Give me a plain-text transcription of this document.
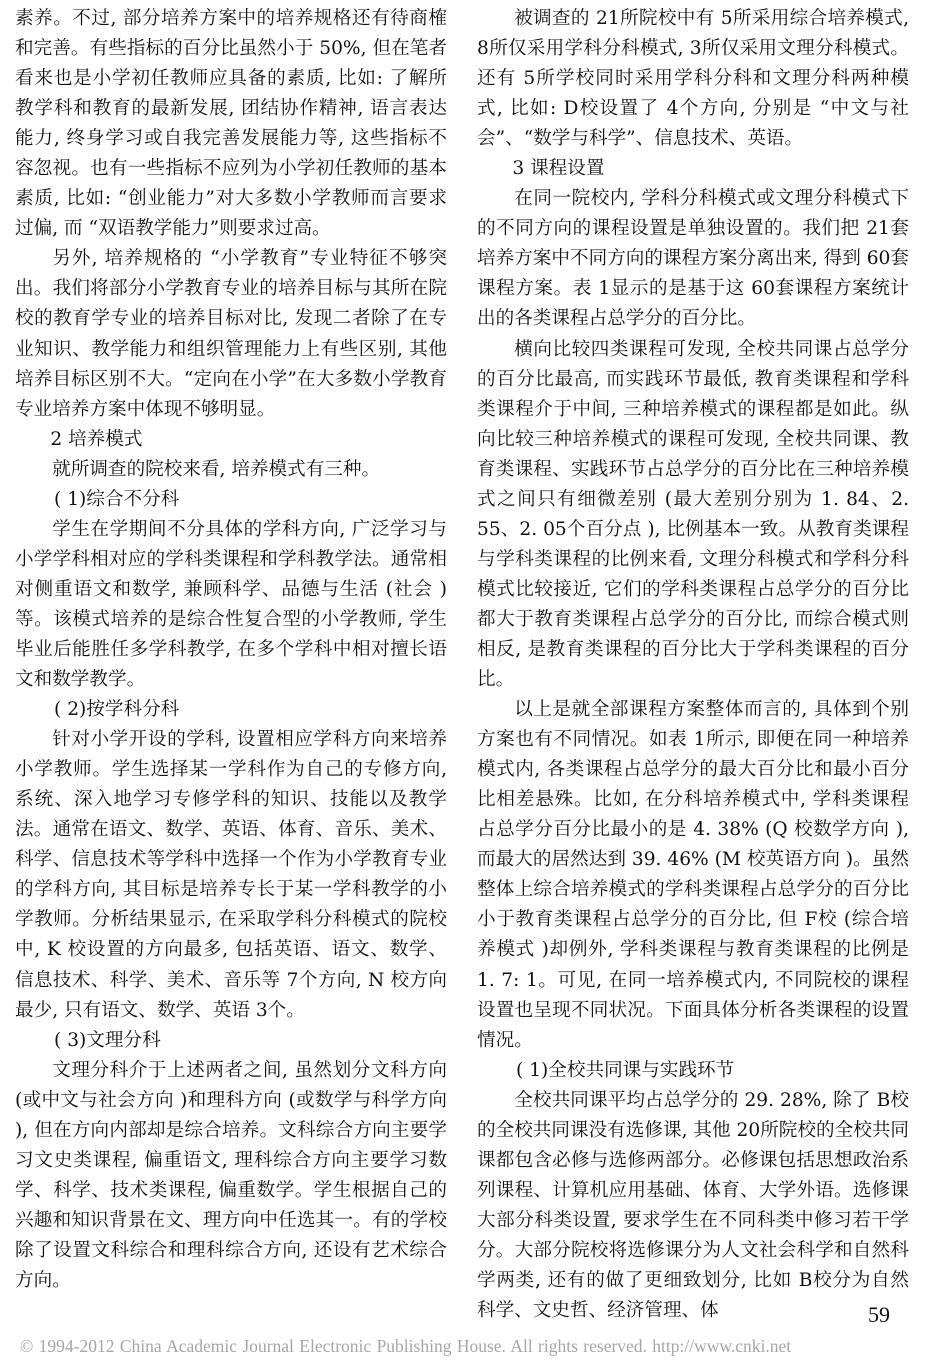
素养。不过, 部分培养方案中的培养规格还有待商榷和完善。有些指标的百分比虽然小于 50%, 但在笔者看来也是小学初任教师应具备的素质, 比如: 了解所教学科和教育的最新发展, 团结协作精神, 语言表达能力, 终身学习或自我完善发展能力等, 这些指标不容忽视。也有一些指标不应列为小学初任教师的基本素质, 比如: “创业能力”对大多数小学教师而言要求过偏, 而 “双语教学能力”则要求过高。

另外, 培养规格的 “小学教育”专业特征不够突出。我们将部分小学教育专业的培养目标与其所在院校的教育学专业的培养目标对比, 发现二者除了在专业知识、教学能力和组织管理能力上有些区别, 其他培养目标区别不大。“定向在小学”在大多数小学教育专业培养方案中体现不够明显。

2 培养模式

就所调查的院校来看, 培养模式有三种。

( 1)综合不分科

学生在学期间不分具体的学科方向, 广泛学习与小学学科相对应的学科类课程和学科教学法。通常相对侧重语文和数学, 兼顾科学、品德与生活 (社会 )等。该模式培养的是综合性复合型的小学教师, 学生毕业后能胜任多学科教学, 在多个学科中相对擅长语文和数学教学。

( 2)按学科分科

针对小学开设的学科, 设置相应学科方向来培养小学教师。学生选择某一学科作为自己的专修方向, 系统、深入地学习专修学科的知识、技能以及教学法。通常在语文、数学、英语、体育、音乐、美术、科学、信息技术等学科中选择一个作为小学教育专业的学科方向, 其目标是培养专长于某一学科教学的小学教师。分析结果显示, 在采取学科分科模式的院校中, K 校设置的方向最多, 包括英语、语文、数学、信息技术、科学、美术、音乐等 7个方向, N 校方向最少, 只有语文、数学、英语 3个。

( 3)文理分科

文理分科介于上述两者之间, 虽然划分文科方向 (或中文与社会方向 )和理科方向 (或数学与科学方向 ), 但在方向内部却是综合培养。文科综合方向主要学习文史类课程, 偏重语文, 理科综合方向主要学习数学、科学、技术类课程, 偏重数学。学生根据自己的兴趣和知识背景在文、理方向中任选其一。有的学校除了设置文科综合和理科综合方向, 还设有艺术综合方向。

被调查的 21所院校中有 5所采用综合培养模式, 8所仅采用学科分科模式, 3所仅采用文理分科模式。还有 5所学校同时采用学科分科和文理分科两种模式, 比如: D校设置了 4个方向, 分别是 “中文与社会”、“数学与科学”、信息技术、英语。

3 课程设置

在同一院校内, 学科分科模式或文理分科模式下的不同方向的课程设置是单独设置的。我们把 21套培养方案中不同方向的课程方案分离出来, 得到 60套课程方案。表 1显示的是基于这 60套课程方案统计出的各类课程占总学分的百分比。

横向比较四类课程可发现, 全校共同课占总学分的百分比最高, 而实践环节最低, 教育类课程和学科类课程介于中间, 三种培养模式的课程都是如此。纵向比较三种培养模式的课程可发现, 全校共同课、教育类课程、实践环节占总学分的百分比在三种培养模式之间只有细微差别 (最大差别分别为 1. 84、2. 55、2. 05个百分点 ), 比例基本一致。从教育类课程与学科类课程的比例来看, 文理分科模式和学科分科模式比较接近, 它们的学科类课程占总学分的百分比都大于教育类课程占总学分的百分比, 而综合模式则相反, 是教育类课程的百分比大于学科类课程的百分比。

以上是就全部课程方案整体而言的, 具体到个别方案也有不同情况。如表 1所示, 即便在同一种培养模式内, 各类课程占总学分的最大百分比和最小百分比相差悬殊。比如, 在分科培养模式中, 学科类课程占总学分百分比最小的是 4. 38% (Q 校数学方向 ), 而最大的居然达到 39. 46% (M 校英语方向 )。虽然整体上综合培养模式的学科类课程占总学分的百分比小于教育类课程占总学分的百分比, 但 F校 (综合培养模式 )却例外, 学科类课程与教育类课程的比例是 1. 7: 1。可见, 在同一培养模式内, 不同院校的课程设置也呈现不同状况。下面具体分析各类课程的设置情况。

( 1)全校共同课与实践环节

全校共同课平均占总学分的 29. 28%, 除了 B校的全校共同课没有选修课, 其他 20所院校的全校共同课都包含必修与选修两部分。必修课包括思想政治系列课程、计算机应用基础、体育、大学外语。选修课大部分科类设置, 要求学生在不同科类中修习若干学分。大部分院校将选修课分为人文社会科学和自然科学两类, 还有的做了更细致划分, 比如 B校分为自然科学、文史哲、经济管理、体	59
© 1994-2012 China Academic Journal Electronic Publishing House. All rights reserved. http://www.cnki.net
